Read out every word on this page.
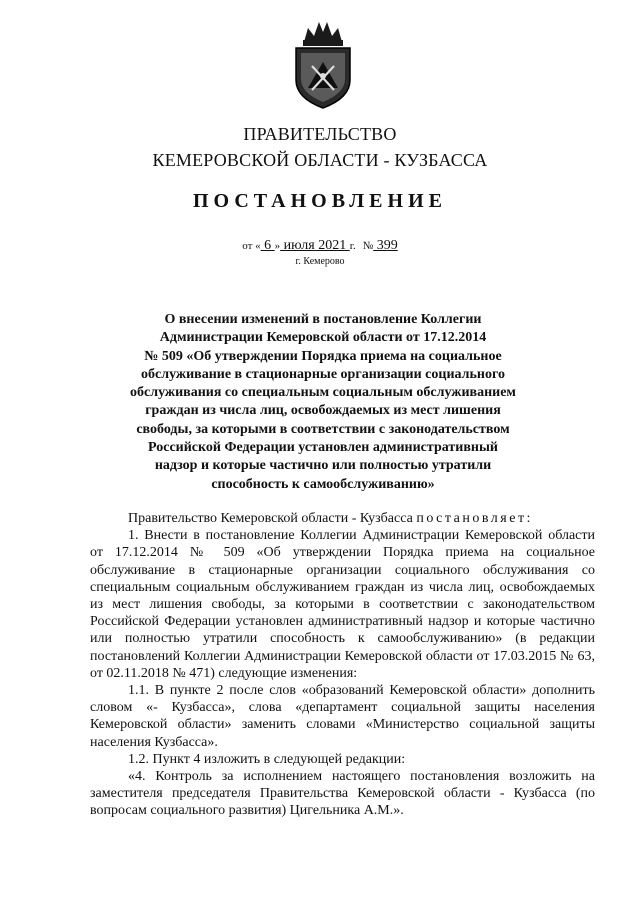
ПРАВИТЕЛЬСТВО
КЕМЕРОВСКОЙ ОБЛАСТИ - КУЗБАССА
ПОСТАНОВЛЕНИЕ
от « 6 » июля 2021 г. № 399
г. Кемерово
О внесении изменений в постановление Коллегии
Администрации Кемеровской области от 17.12.2014
№ 509 «Об утверждении Порядка приема на социальное
обслуживание в стационарные организации социального
обслуживания со специальным социальным обслуживанием
граждан из числа лиц, освобождаемых из мест лишения
свободы, за которыми в соответствии с законодательством
Российской Федерации установлен административный
надзор и которые частично или полностью утратили
способность к самообслуживанию»

Правительство Кемеровской области - Кузбасса постановляет:

1. Внести в постановление Коллегии Администрации Кемеровской области от 17.12.2014 № 509 «Об утверждении Порядка приема на социальное обслуживание в стационарные организации социального обслуживания со специальным социальным обслуживанием граждан из числа лиц, освобождаемых из мест лишения свободы, за которыми в соответствии с законодательством Российской Федерации установлен административный надзор и которые частично или полностью утратили способность к самообслуживанию» (в редакции постановлений Коллегии Администрации Кемеровской области от 17.03.2015 № 63, от 02.11.2018 № 471) следующие изменения:

1.1. В пункте 2 после слов «образований Кемеровской области» дополнить словом «- Кузбасса», слова «департамент социальной защиты населения Кемеровской области» заменить словами «Министерство социальной защиты населения Кузбасса».

1.2. Пункт 4 изложить в следующей редакции:

«4. Контроль за исполнением настоящего постановления возложить на заместителя председателя Правительства Кемеровской области - Кузбасса (по вопросам социального развития) Цигельника А.М.».
